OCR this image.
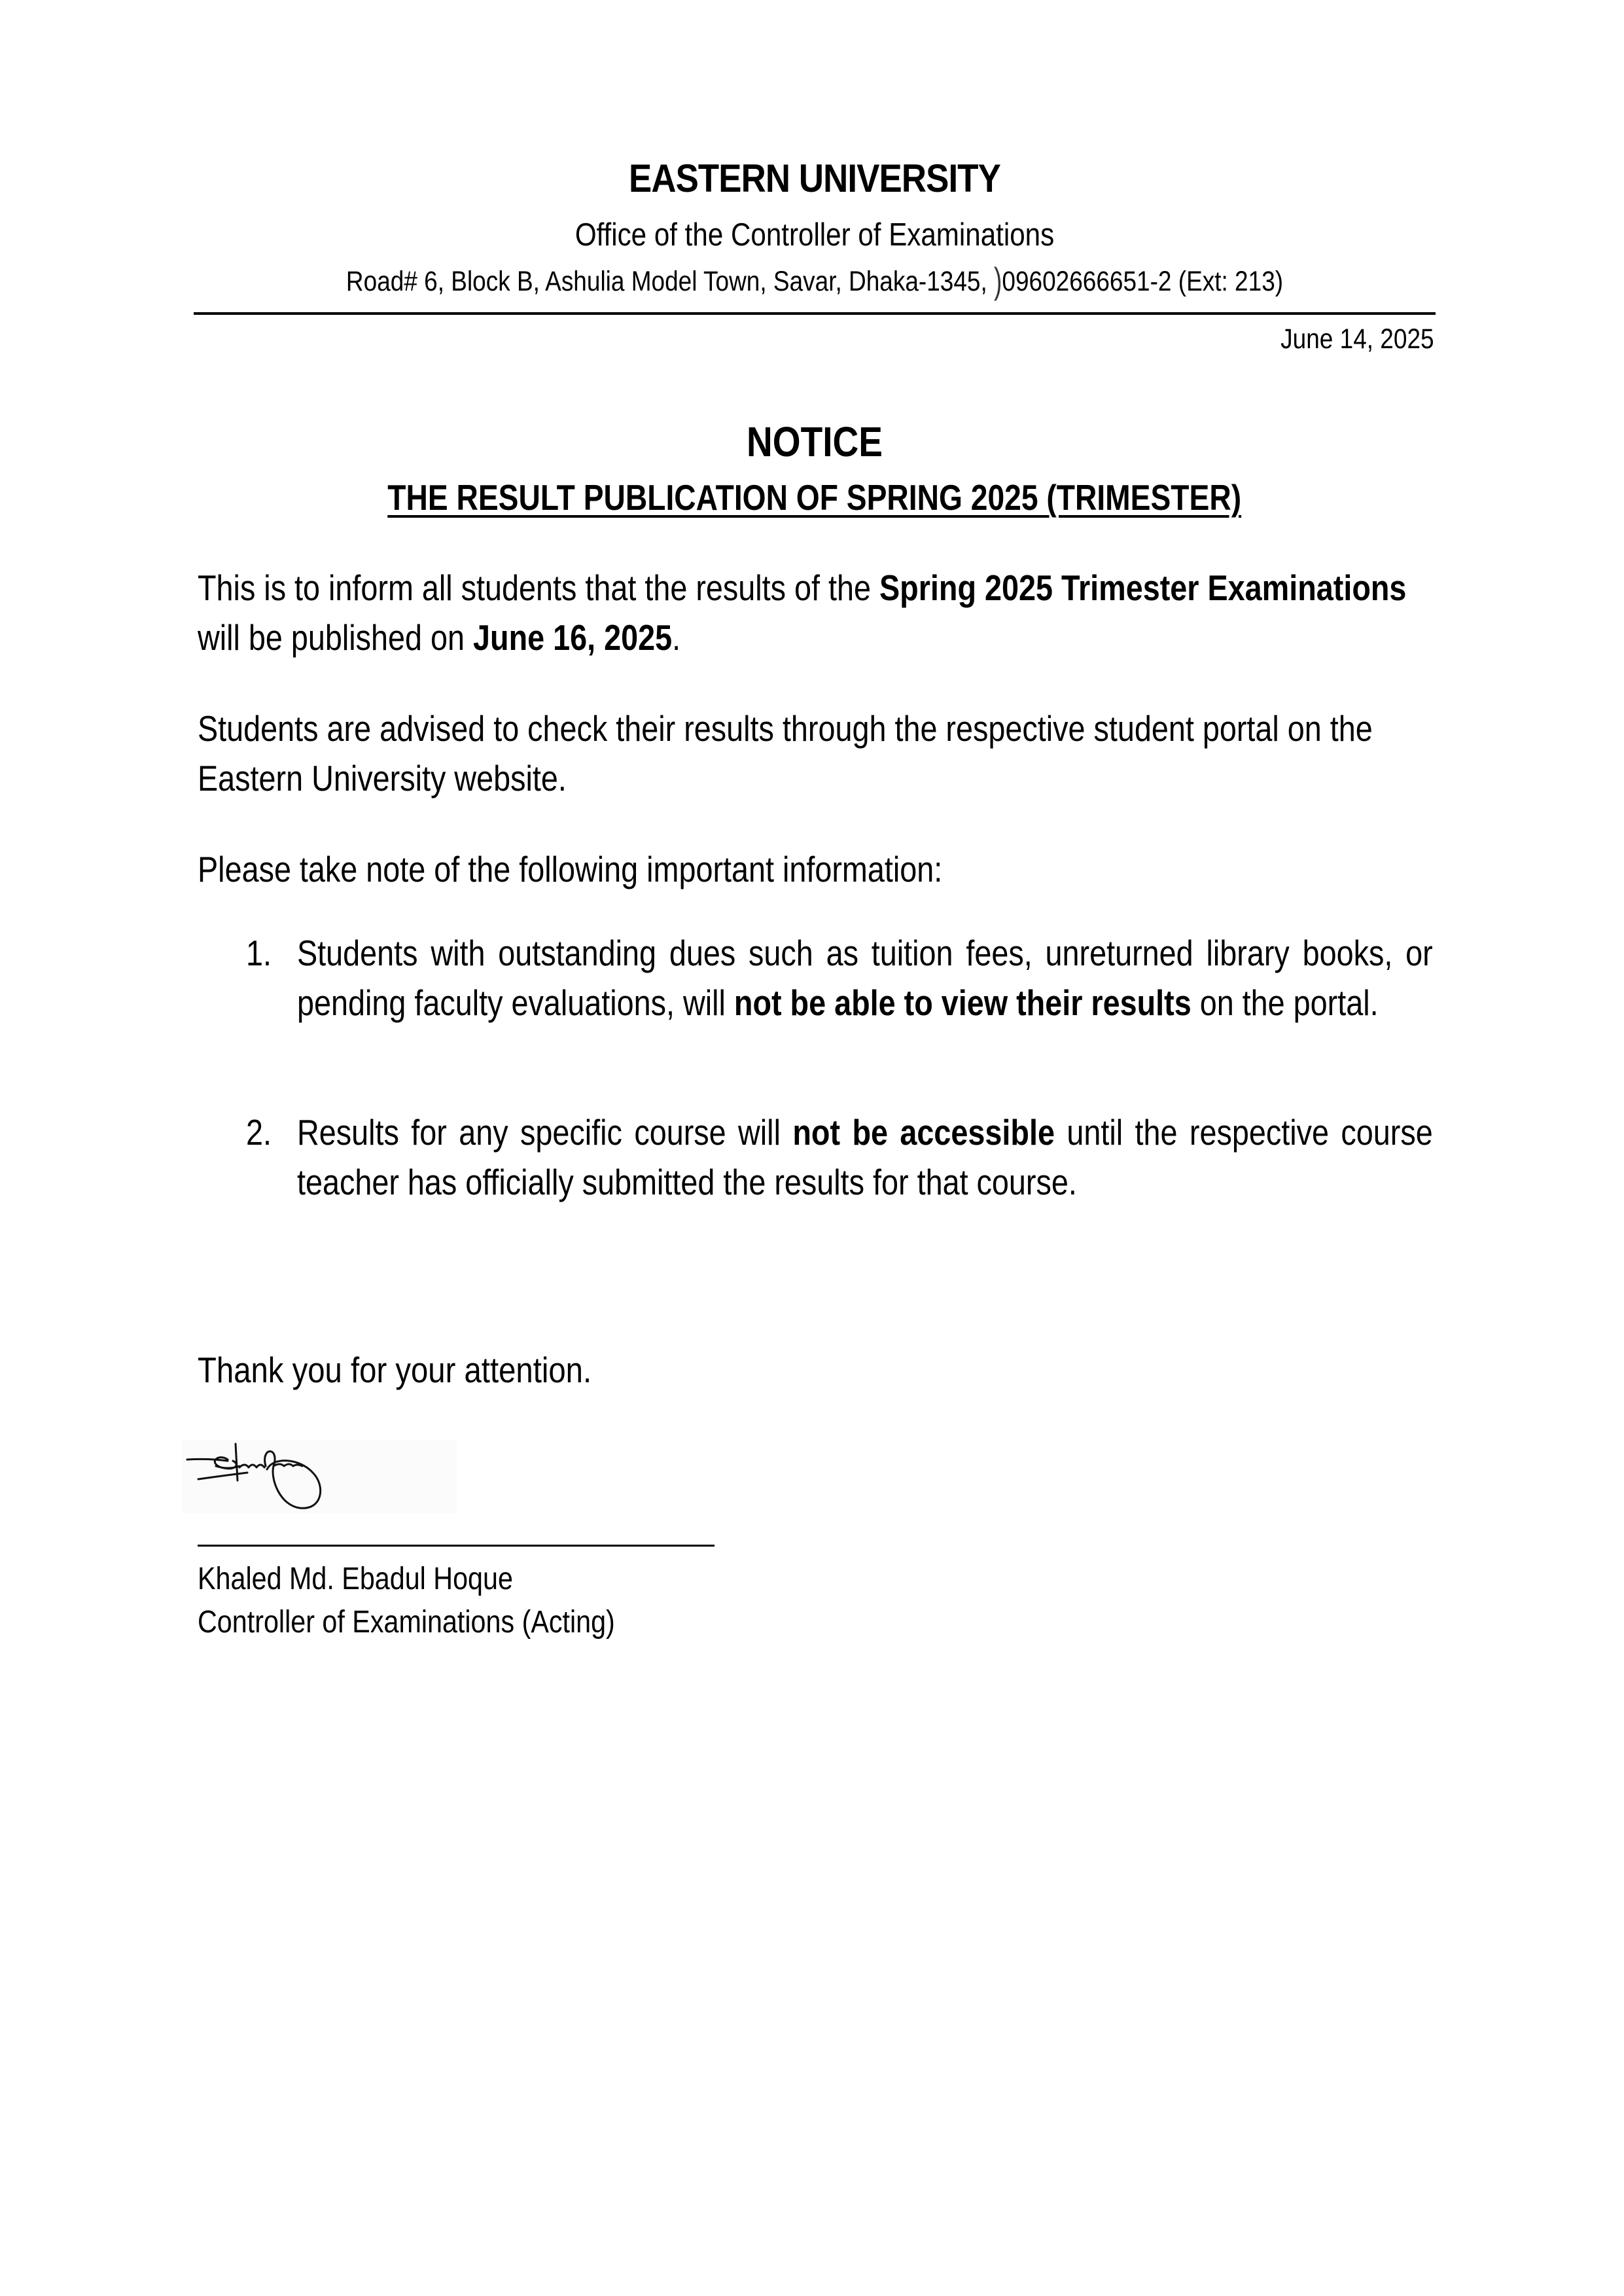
EASTERN UNIVERSITY
Office of the Controller of Examinations
Road# 6, Block B, Ashulia Model Town, Savar, Dhaka-1345, )09602666651-2 (Ext: 213)
June 14, 2025
NOTICE
THE RESULT PUBLICATION OF SPRING 2025 (TRIMESTER)
This is to inform all students that the results of the Spring 2025 Trimester Examinations will be published on June 16, 2025.
Students are advised to check their results through the respective student portal on the Eastern University website.
Please take note of the following important information:
1. Students with outstanding dues such as tuition fees, unreturned library books, or pending faculty evaluations, will not be able to view their results on the portal.
2. Results for any specific course will not be accessible until the respective course teacher has officially submitted the results for that course.
Thank you for your attention.
Khaled Md. Ebadul Hoque
Controller of Examinations (Acting)
